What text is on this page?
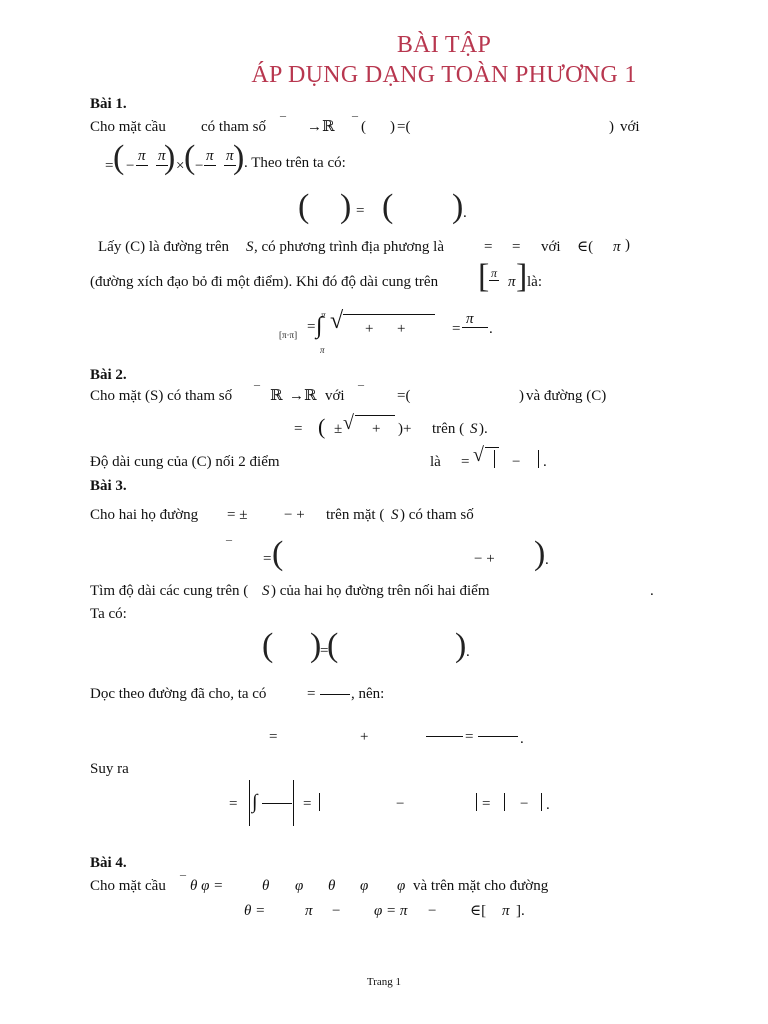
BÀI TẬP
ÁP DỤNG DẠNG TOÀN PHƯƠNG 1
Bài 1.
Cho mặt cầu có tham số ¯ →ℝ ¯ ( ) =(	) với
= ( −
π π
) × ( −
π π ) . Theo trên ta có:
( ) = ( ) .
Lấy (C) là đường trên S , có phương trình địa phương là	= = với ∈( π )
(đường xích đạo bỏ đi một điểm). Khi đó độ dài cung trên [ π
π ] là:
[π·π] =
π
∫
π
√ + +	=
π
.
Bài 2.
Cho mặt (S) có tham số ¯ ℝ →ℝ với ¯ =(	) và đường (C)
= ( ± √ + )+ trên ( S ).
Độ dài cung của (C) nối 2 điểm	là = √ − .
Bài 3.
Cho hai họ đường = ± − + trên mặt ( S ) có tham số
¯
= (	− + ) .
Tìm độ dài các cung trên ( S ) của hai họ đường trên nối hai điểm	.
Ta có:
( )
=
(	) .
Dọc theo đường đã cho, ta có	= , nên:
=	+	=	.
Suy ra
= ∫	=	−	= − .
Bài 4.
Cho mặt cầu ¯ θ φ =	θ φ θ φ φ và trên mặt cho đường
θ =	π − φ = π − ∈[ π ].
Trang 1
